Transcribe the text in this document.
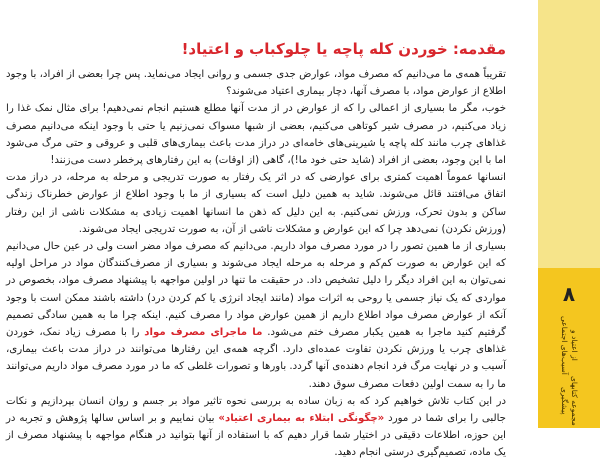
مقدمه: خوردن کله پاچه یا چلوکباب و اعتیاد!

تقریباً همه‌ی ما می‌دانیم که مصرف مواد، عوارض جدی جسمی و روانی ایجاد می‌نماید. پس چرا بعضی از افراد، با وجود اطلاع از عوارض مواد، با مصرف آنها، دچار بیماری اعتیاد می‌شوند؟

خوب، مگر ما بسیاری از اعمالی را که از عوارض در از مدت آنها مطلع هستیم انجام نمی‌دهیم! برای مثال نمک غذا را زیاد می‌کنیم، در مصرف شیر کوتاهی می‌کنیم، بعضی از شبها مسواک نمی‌زنیم یا حتی با وجود اینکه می‌دانیم مصرف غذاهای چرب مانند کله پاچه یا شیرینی‌های خامه‌ای در دراز مدت باعث بیماری‌های قلبی و عروقی و حتی مرگ می‌شود اما با این وجود، بعضی از افراد (شاید حتی خود ما!)، گاهی (از اوقات) به این رفتارهای پرخطر دست می‌زنند!

انسانها عموماً اهمیت کمتری برای عوارضی که در اثر یک رفتار به صورت تدریجی و مرحله به مرحله، در دراز مدت اتفاق می‌افتند قائل می‌شوند. شاید به همین دلیل است که بسیاری از ما با وجود اطلاع از عوارض خطرناک زندگی ساکن و بدون تحرک، ورزش نمی‌کنیم. به این دلیل که ذهن ما انسانها اهمیت زیادی به مشکلات ناشی از این رفتار (ورزش نکردن) نمی‌دهد چرا که این عوارض و مشکلات ناشی از آن، به صورت تدریجی ایجاد می‌شوند.

بسیاری از ما همین تصور را در مورد مصرف مواد داریم. می‌دانیم که مصرف مواد مضر است ولی در عین حال می‌دانیم که این عوارض به صورت کم‌کم و مرحله به مرحله ایجاد می‌شوند و بسیاری از مصرف‌کنندگان مواد در مراحل اولیه نمی‌توان به این افراد دیگر را دلیل تشخیص داد. در حقیقت ما تنها در اولین مواجهه با پیشنهاد مصرف مواد، بخصوص در مواردی که یک نیاز جسمی یا روحی به اثرات مواد (مانند ایجاد انرژی یا کم کردن درد) داشته باشند ممکن است با وجود آنکه از عوارض مصرف مواد اطلاع داریم از همین عوارض مواد را مصرف کنیم. اینکه چرا ما به همین سادگی تصمیم گرفتیم کنید ماجرا به همین یکبار مصرف ختم می‌شود. ما ماجرای مصرف مواد را با مصرف زیاد نمک، خوردن غذاهای چرب یا ورزش نکردن تفاوت عمده‌ای دارد. اگرچه همه‌ی این رفتارها می‌توانند در دراز مدت باعث بیماری، آسیب و در نهایت مرگ فرد انجام دهنده‌ی آنها گردد. باورها و تصورات غلطی که ما در مورد مصرف مواد داریم می‌توانند ما را به سمت اولین دفعات مصرف سوق دهند.

در این کتاب تلاش خواهیم کرد که به زبان ساده به بررسی نحوه تاثیر مواد بر جسم و روان انسان بپردازیم و نکات جالبی را برای شما در مورد «چگونگی ابتلاء به بیماری اعتیاد» بیان نماییم و بر اساس سالها پژوهش و تجربه در این حوزه، اطلاعات دقیقی در اختیار شما قرار دهیم که با استفاده از آنها بتوانید در هنگام مواجهه با پیشنهاد مصرف از یک ماده، تصمیم‌گیری درستی انجام دهید.

۸
مجموعه کتابهای پیشگیری
از اعتیاد و آسیب‌های اجتماعی
